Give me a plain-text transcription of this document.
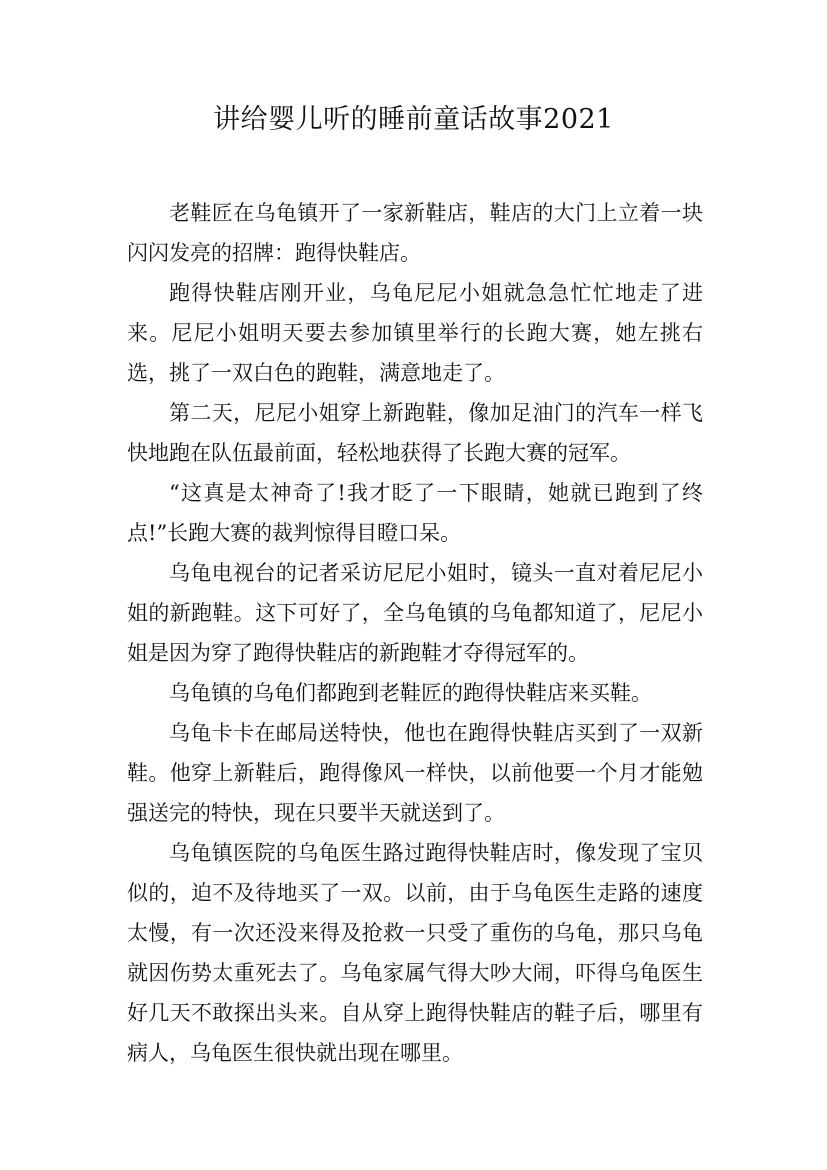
讲给婴儿听的睡前童话故事2021

老鞋匠在乌龟镇开了一家新鞋店，鞋店的大门上立着一块闪闪发亮的招牌：跑得快鞋店。

跑得快鞋店刚开业，乌龟尼尼小姐就急急忙忙地走了进来。尼尼小姐明天要去参加镇里举行的长跑大赛，她左挑右选，挑了一双白色的跑鞋，满意地走了。

第二天，尼尼小姐穿上新跑鞋，像加足油门的汽车一样飞快地跑在队伍最前面，轻松地获得了长跑大赛的冠军。

“这真是太神奇了!我才眨了一下眼睛，她就已跑到了终点!”长跑大赛的裁判惊得目瞪口呆。

乌龟电视台的记者采访尼尼小姐时，镜头一直对着尼尼小姐的新跑鞋。这下可好了，全乌龟镇的乌龟都知道了，尼尼小姐是因为穿了跑得快鞋店的新跑鞋才夺得冠军的。

乌龟镇的乌龟们都跑到老鞋匠的跑得快鞋店来买鞋。

乌龟卡卡在邮局送特快，他也在跑得快鞋店买到了一双新鞋。他穿上新鞋后，跑得像风一样快，以前他要一个月才能勉强送完的特快，现在只要半天就送到了。

乌龟镇医院的乌龟医生路过跑得快鞋店时，像发现了宝贝似的，迫不及待地买了一双。以前，由于乌龟医生走路的速度太慢，有一次还没来得及抢救一只受了重伤的乌龟，那只乌龟就因伤势太重死去了。乌龟家属气得大吵大闹，吓得乌龟医生好几天不敢探出头来。自从穿上跑得快鞋店的鞋子后，哪里有病人，乌龟医生很快就出现在哪里。
